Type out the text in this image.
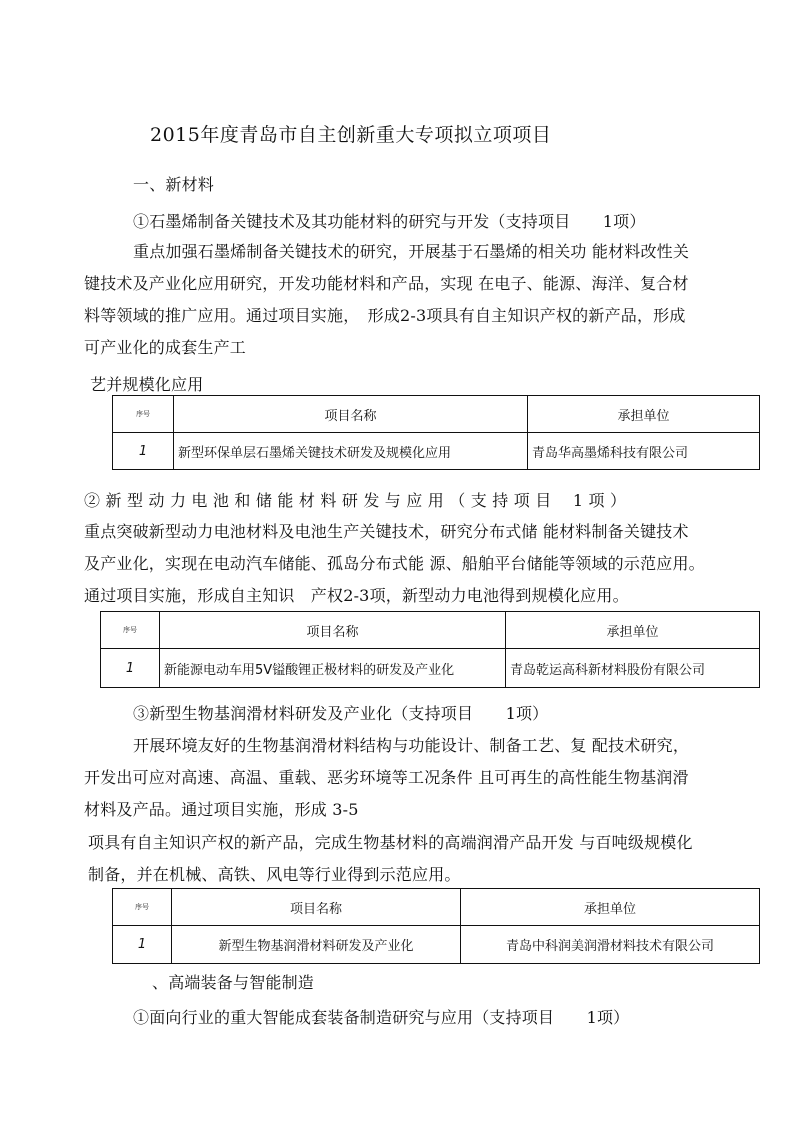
2015年度青岛市自主创新重大专项拟立项项目
一、新材料
①石墨烯制备关键技术及其功能材料的研究与开发（支持项目　　1项）
重点加强石墨烯制备关键技术的研究，开展基于石墨烯的相关功 能材料改性关
键技术及产业化应用研究，开发功能材料和产品，实现 在电子、能源、海洋、复合材
料等领域的推广应用。通过项目实施，　形成2-3项具有自主知识产权的新产品，形成
可产业化的成套生产工
艺并规模化应用
序号	项目名称	承担单位
1	新型环保单层石墨烯关键技术研发及规模化应用	青岛华高墨烯科技有限公司
② 新 型 动 力 电 池 和 储 能 材 料 研 发 与 应 用 （ 支 持 项 目　 1 项 ）
重点突破新型动力电池材料及电池生产关键技术，研究分布式储 能材料制备关键技术
及产业化，实现在电动汽车储能、孤岛分布式能 源、船舶平台储能等领域的示范应用。
通过项目实施，形成自主知识　产权2-3项，新型动力电池得到规模化应用。
序号	项目名称	承担单位
1	新能源电动车用5V镒酸锂正极材料的研发及产业化	青岛乾运高科新材料股份有限公司
③新型生物基润滑材料研发及产业化（支持项目　　1项）
开展环境友好的生物基润滑材料结构与功能设计、制备工艺、复 配技术研究，
开发出可应对高速、高温、重载、恶劣环境等工况条件 且可再生的高性能生物基润滑
材料及产品。通过项目实施，形成 3-5
项具有自主知识产权的新产品，完成生物基材料的高端润滑产品开发 与百吨级规模化
制备，并在机械、高铁、风电等行业得到示范应用。
序号	项目名称	承担单位
1	新型生物基润滑材料研发及产业化	青岛中科润美润滑材料技术有限公司
、高端装备与智能制造
①面向行业的重大智能成套装备制造研究与应用（支持项目　　1项）
